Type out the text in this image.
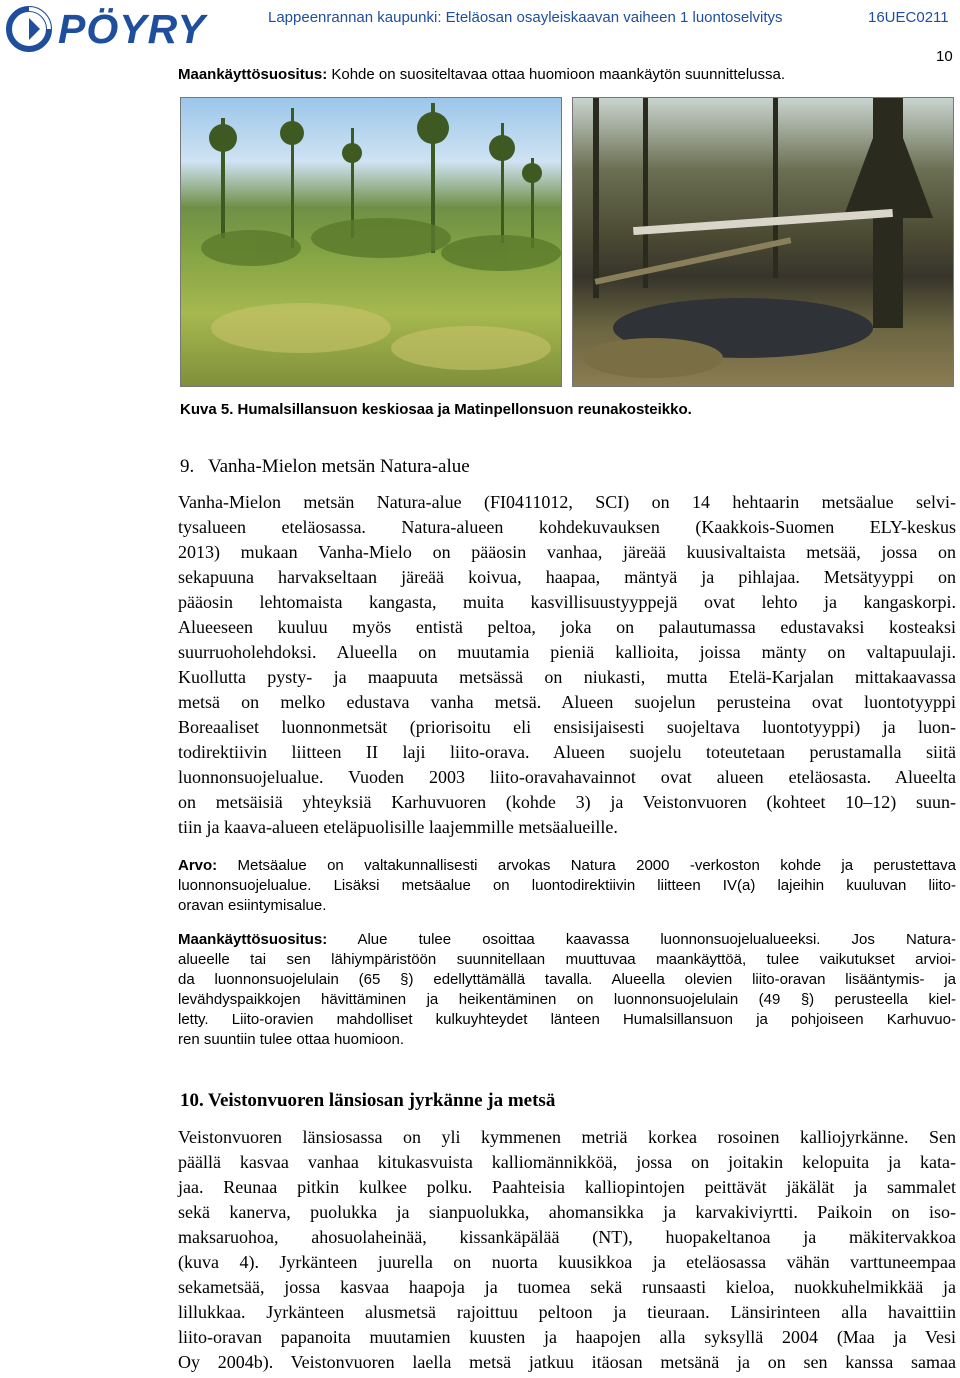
PÖYRY	Lappeenrannan kaupunki: Eteläosan osayleiskaavan vaiheen 1 luontoselvitys	16UEC0211
10
Maankäyttösuositus: Kohde on suositeltavaa ottaa huomioon maankäytön suunnittelussa.
Kuva 5. Humalsillansuon keskiosaa ja Matinpellonsuon reunakosteikko.
9. Vanha-Mielon metsän Natura-alue
Vanha-Mielon metsän Natura-alue (FI0411012, SCI) on 14 hehtaarin metsäalue selvi-
tysalueen eteläosassa. Natura-alueen kohdekuvauksen (Kaakkois-Suomen ELY-keskus
2013) mukaan Vanha-Mielo on pääosin vanhaa, järeää kuusivaltaista metsää, jossa on
sekapuuna harvakseltaan järeää koivua, haapaa, mäntyä ja pihlajaa. Metsätyyppi on
pääosin lehtomaista kangasta, muita kasvillisuustyyppejä ovat lehto ja kangaskorpi.
Alueeseen kuuluu myös entistä peltoa, joka on palautumassa edustavaksi kosteaksi
suurruoholehdoksi. Alueella on muutamia pieniä kallioita, joissa mänty on valtapuulaji.
Kuollutta pysty- ja maapuuta metsässä on niukasti, mutta Etelä-Karjalan mittakaavassa
metsä on melko edustava vanha metsä. Alueen suojelun perusteina ovat luontotyyppi
Boreaaliset luonnonmetsät (priorisoitu eli ensisijaisesti suojeltava luontotyyppi) ja luon-
todirektiivin liitteen II laji liito-orava. Alueen suojelu toteutetaan perustamalla siitä
luonnonsuojelualue. Vuoden 2003 liito-oravahavainnot ovat alueen eteläosasta. Alueelta
on metsäisiä yhteyksiä Karhuvuoren (kohde 3) ja Veistonvuoren (kohteet 10–12) suun-
tiin ja kaava-alueen eteläpuolisille laajemmille metsäalueille.
Arvo: Metsäalue on valtakunnallisesti arvokas Natura 2000 -verkoston kohde ja perustettava
luonnonsuojelualue. Lisäksi metsäalue on luontodirektiivin liitteen IV(a) lajeihin kuuluvan liito-
oravan esiintymisalue.
Maankäyttösuositus: Alue tulee osoittaa kaavassa luonnonsuojelualueeksi. Jos Natura-
alueelle tai sen lähiympäristöön suunnitellaan muuttuvaa maankäyttöä, tulee vaikutukset arvioi-
da luonnonsuojelulain (65 §) edellyttämällä tavalla. Alueella olevien liito-oravan lisääntymis- ja
levähdyspaikkojen hävittäminen ja heikentäminen on luonnonsuojelulain (49 §) perusteella kiel-
letty. Liito-oravien mahdolliset kulkuyhteydet länteen Humalsillansuon ja pohjoiseen Karhuvuo-
ren suuntiin tulee ottaa huomioon.
10. Veistonvuoren länsiosan jyrkänne ja metsä
Veistonvuoren länsiosassa on yli kymmenen metriä korkea rosoinen kalliojyrkänne. Sen
päällä kasvaa vanhaa kitukasvuista kalliomännikköä, jossa on joitakin kelopuita ja kata-
jaa. Reunaa pitkin kulkee polku. Paahteisia kalliopintojen peittävät jäkälät ja sammalet
sekä kanerva, puolukka ja sianpuolukka, ahomansikka ja karvakiviyrtti. Paikoin on iso-
maksaruohoa, ahosuolaheinää, kissankäpälää (NT), huopakeltanoa ja mäkitervakkoa
(kuva 4). Jyrkänteen juurella on nuorta kuusikkoa ja eteläosassa vähän varttuneempaa
sekametsää, jossa kasvaa haapoja ja tuomea sekä runsaasti kieloa, nuokkuhelmikkää ja
lillukkaa. Jyrkänteen alusmetsä rajoittuu peltoon ja tieuraan. Länsirinteen alla havaittiin
liito-oravan papanoita muutamien kuusten ja haapojen alla syksyllä 2004 (Maa ja Vesi
Oy 2004b). Veistonvuoren laella metsä jatkuu itäosan metsänä ja on sen kanssa samaa
